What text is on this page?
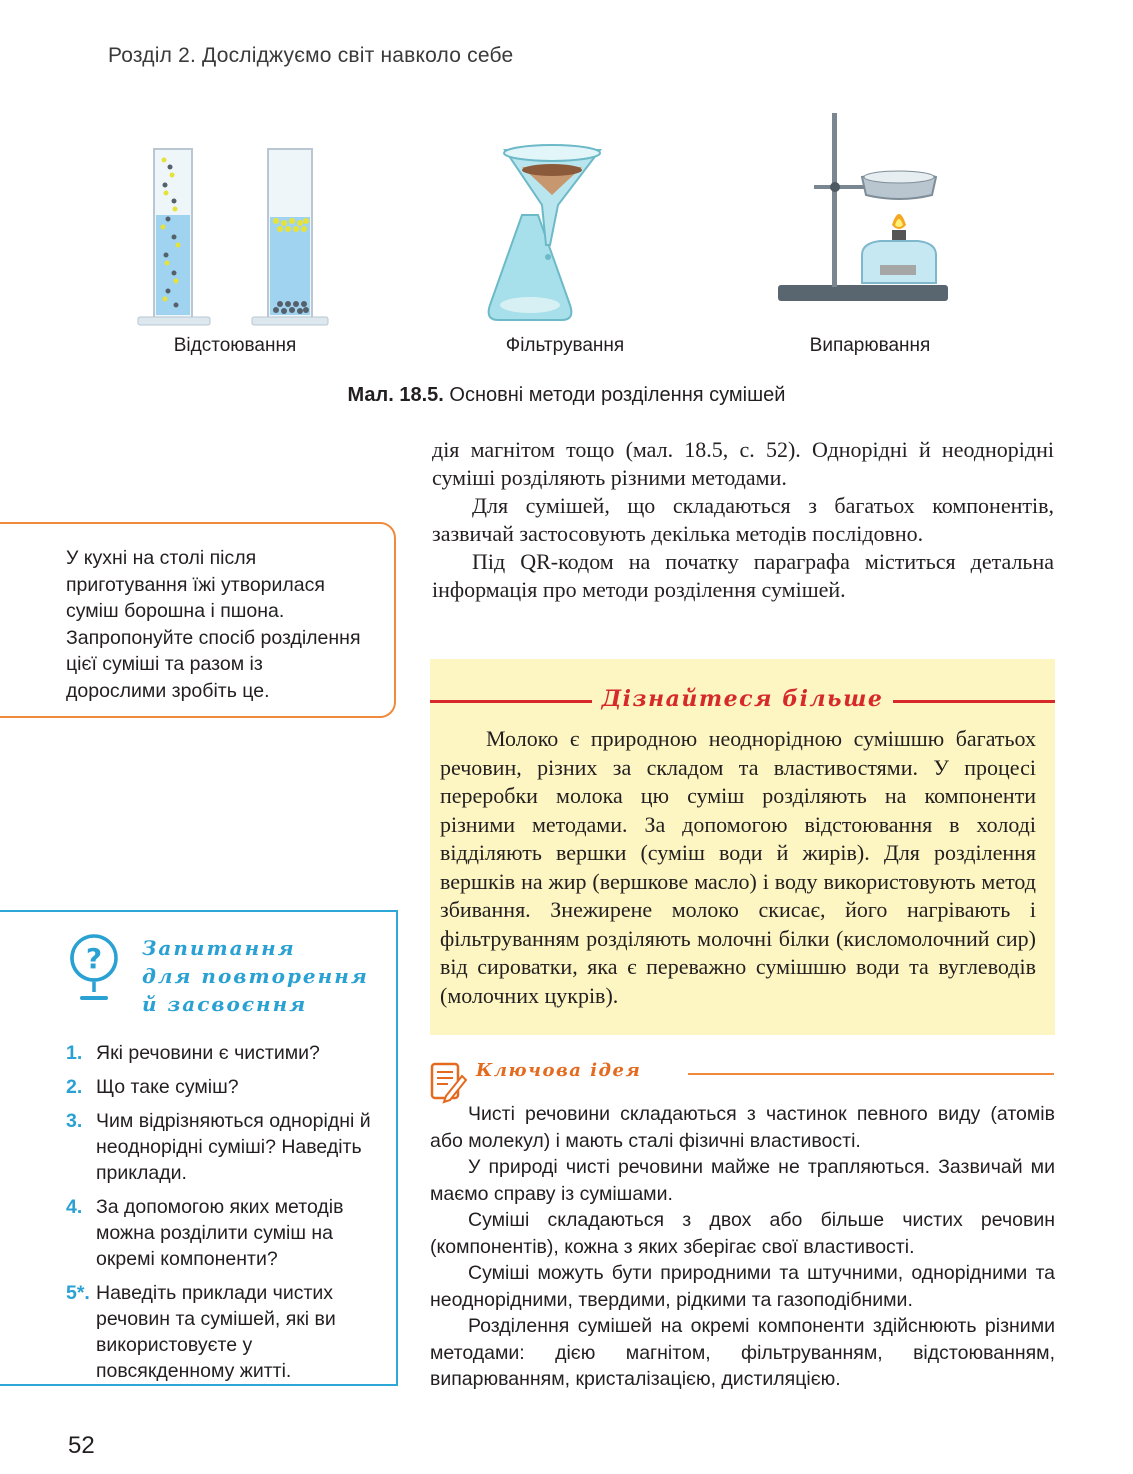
Розділ 2. Досліджуємо світ навколо себе
Відстоювання	Фільтрування	Випарювання
Мал. 18.5. Основні методи розділення сумішей

дія магнітом тощо (мал. 18.5, с. 52). Однорідні й неоднорідні суміші розділяють різними методами.

Для сумішей, що складаються з багатьох компонентів, зазвичай застосовують декілька методів послідовно.

Під QR-кодом на початку параграфа міститься детальна інформація про методи розділення сумішей.

У кухні на столі після приготування їжі утворилася суміш борошна і пшона. Запропонуйте спосіб розділення цієї суміші та разом із дорослими зробіть це.	Дізнайтеся більше

Молоко є природною неоднорідною сумішшю багатьох речовин, різних за складом та властивостями. У процесі переробки молока цю суміш розділяють на компоненти різними методами. За допомогою відстоювання в холоді відділяють вершки (суміш води й жирів). Для розділення вершків на жир (вершкове масло) і воду використовують метод збивання. Знежирене молоко скисає, його нагрівають і фільтруванням розділяють молочні білки (кисломолочний сир) від сироватки, яка є переважно сумішшю води та вуглеводів (молочних цукрів).

Ключова ідея

Чисті речовини складаються з частинок певного виду (атомів або молекул) і мають сталі фізичні властивості.

У природі чисті речовини майже не трапляються. Зазвичай ми маємо справу із сумішами.

Суміші складаються з двох або більше чистих речовин (компонентів), кожна з яких зберігає свої властивості.

Суміші можуть бути природними та штучними, однорідними та неоднорідними, твердими, рідкими та газоподібними.

Розділення сумішей на окремі компоненти здійснюють різними методами: дією магнітом, фільтруванням, відстоюванням, випарюванням, кристалізацією, дистиляцією.

? Запитання
для повторення
й засвоєння
1. Які речовини є чистими?
2. Що таке суміш?
3. Чим відрізняються однорідні й неоднорідні суміші? Наведіть приклади.
4. За допомогою яких методів можна розділити суміш на окремі компоненти?
5*. Наведіть приклади чистих речовин та сумішей, які ви використовуєте у повсякденному житті.
52
